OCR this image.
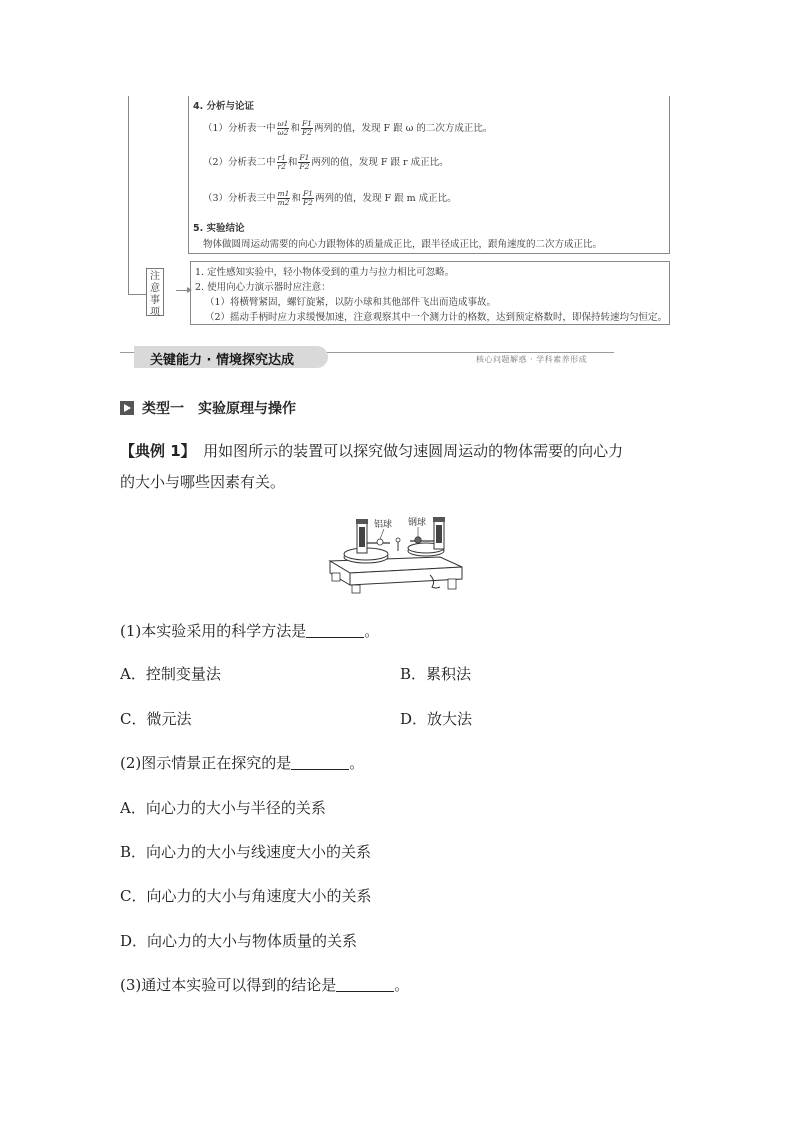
注意事项
4. 分析与论证
（1）分析表一中 $\frac{\omega 1}{\omega 2}$ 和 $\frac{F1}{F2}$ 两列的值，发现 F 跟 ω 的二次方成正比。
（2）分析表二中 $\frac{r1}{r2}$ 和 $\frac{F1}{F2}$ 两列的值，发现 F 跟 r 成正比。
（3）分析表三中 $\frac{m1}{m2}$ 和 $\frac{F1}{F2}$ 两列的值，发现 F 跟 m 成正比。
5. 实验结论
物体做圆周运动需要的向心力跟物体的质量成正比，跟半径成正比，跟角速度的二次方成正比。
1. 定性感知实验中，轻小物体受到的重力与拉力相比可忽略。
2. 使用向心力演示器时应注意：
（1）将横臂紧固，螺钉旋紧，以防小球和其他部件飞出而造成事故。
（2）摇动手柄时应力求缓慢加速，注意观察其中一个测力计的格数，达到预定格数时，即保持转速均匀恒定。
关键能力 · 情境探究达成	核心问题解惑 · 学科素养形成
类型一　实验原理与操作
【典例 1】　用如图所示的装置可以探究做匀速圆周运动的物体需要的向心力
的大小与哪些因素有关。
铝球 钢球
(1)本实验采用的科学方法是	。
A．控制变量法	B．累积法
C．微元法	D．放大法
(2)图示情景正在探究的是	。
A．向心力的大小与半径的关系
B．向心力的大小与线速度大小的关系
C．向心力的大小与角速度大小的关系
D．向心力的大小与物体质量的关系
(3)通过本实验可以得到的结论是	。
